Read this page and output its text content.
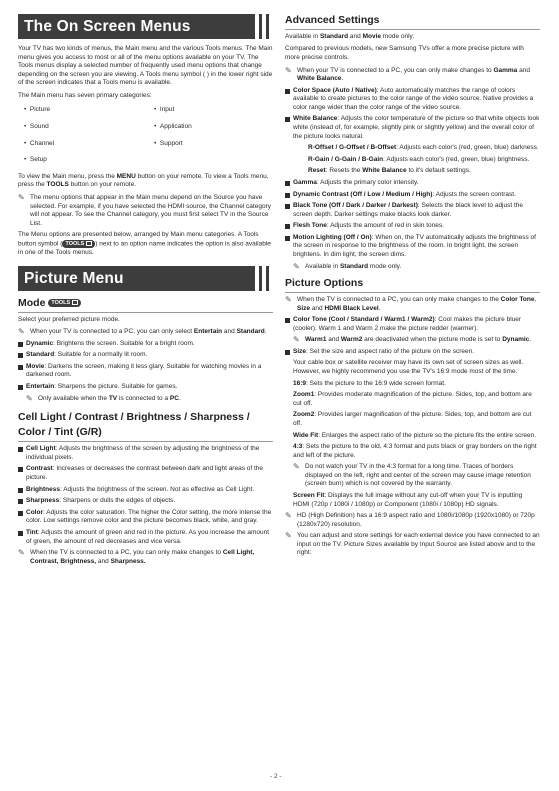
The On Screen Menus

Your TV has two kinds of menus, the Main menu and the various Tools menus. The Main menu gives you access to most or all of the menu options available on your TV. The Tools menus display a selected number of frequently used menu options that change depending on the screen you are viewing. A Tools menu symbol ( ) in the lower right side of the screen indicates that a Tools menu is available.

The Main menu has seven primary categories:

•  Picture	•  Input
•  Sound	•  Application
•  Channel	•  Support
•  Setup

To view the Main menu, press the MENU button on your remote. To view a Tools menu, press the TOOLS button on your remote.

✎ The menu options that appear in the Main menu depend on the Source you have selected. For example, if you have selected the HDMI source, the Channel category will not appear. To see the Channel category, you must first select TV in the Source List.

The Menu options are presented below, arranged by Main menu categories. A Tools button symbol ( TOOLS ) next to an option name indicates the option is also available in one of the Tools menus.

Picture Menu
Mode TOOLS

Select your preferred picture mode.

✎ When your TV is connected to a PC, you can only select Entertain and Standard.
Dynamic: Brightens the screen. Suitable for a bright room.
Standard: Suitable for a normally lit room.
Movie: Darkens the screen, making it less glary. Suitable for watching movies in a darkened room.
Entertain: Sharpens the picture. Suitable for games.
✎ Only available when the TV is connected to a PC.
Cell Light / Contrast / Brightness / Sharpness /
Color / Tint (G/R)
Cell Light: Adjusts the brightness of the screen by adjusting the brightness of the individual pixels.
Contrast: Increases or decreases the contrast between dark and light areas of the picture.
Brightness: Adjusts the brightness of the screen. Not as effective as Cell Light.
Sharpness: Sharpens or dulls the edges of objects.
Color: Adjusts the color saturation. The higher the Color setting, the more intense the color. Low settings remove color and the picture becomes black, white, and gray.
Tint: Adjusts the amount of green and red in the picture. As you increase the amount of green, the amount of red decreases and vice versa.
✎ When the TV is connected to a PC, you can only make changes to Cell Light, Contrast, Brightness, and Sharpness.
Advanced Settings

Available in Standard and Movie mode only.

Compared to previous models, new Samsung TVs offer a more precise picture with more precise controls.

✎ When your TV is connected to a PC, you can only make changes to Gamma and White Balance.
Color Space (Auto / Native): Auto automatically matches the range of colors available to create pictures to the color range of the video source. Native provides a color range wider than the color range of the video source.
White Balance: Adjusts the color temperature of the picture so that white objects look white (instead of, for example, slightly pink or slightly yellow) and the overall color of the picture looks natural.
R-Offset / G-Offset / B-Offset: Adjusts each color's (red, green, blue) darkness.
R-Gain / G-Gain / B-Gain: Adjusts each color's (red, green, blue) brightness.
Reset: Resets the White Balance to it's default settings.
Gamma: Adjusts the primary color intensity.
Dynamic Contrast (Off / Low / Medium / High): Adjusts the screen contrast.
Black Tone (Off / Dark / Darker / Darkest): Selects the black level to adjust the screen depth. Darker settings make blacks look darker.
Flesh Tone: Adjusts the amount of red in skin tones.
Motion Lighting (Off / On): When on, the TV automatically adjusts the brightness of the screen in response to the brightness of the room. In bright light, the screen brightens. In dim light, the screen dims.
✎ Available in Standard mode only.
Picture Options
✎ When the TV is connected to a PC, you can only make changes to the Color Tone, Size and HDMI Black Level.
Color Tone (Cool / Standard / Warm1 / Warm2): Cool makes the picture bluer (cooler). Warm 1 and Warm 2 make the picture redder (warmer).
✎ Warm1 and Warm2 are deactivated when the picture mode is set to Dynamic.
Size: Set the size and aspect ratio of the picture on the screen.
Your cable box or satellite receiver may have its own set of screen sizes as well. However, we highly recommend you use the TV's 16:9 mode most of the time.
16:9: Sets the picture to the 16:9 wide screen format.
Zoom1: Provides moderate magnification of the picture. Sides, top, and bottom are cut off.
Zoom2: Provides larger magnification of the picture. Sides, top, and bottom are cut off.
Wide Fit: Enlarges the aspect ratio of the picture so the picture fits the entire screen.
4:3: Sets the picture to the old, 4:3 format and puts black or gray borders on the right and left of the picture.
✎ Do not watch your TV in the 4:3 format for a long time. Traces of borders displayed on the left, right and center of the screen may cause image retention (screen burn) which is not covered by the warranty.
Screen Fit: Displays the full image without any cut-off when your TV is inputting HDMI (720p / 1080i / 1080p) or Component (1080i / 1080p) HD signals.
✎ HD (High Definition) has a 16:9 aspect ratio and 1080i/1080p (1920x1080) or 720p (1280x720) resolution.
✎ You can adjust and store settings for each external device you have connected to an input on the TV. Picture Sizes available by Input Source are listed above and to the right:
- 2 -
